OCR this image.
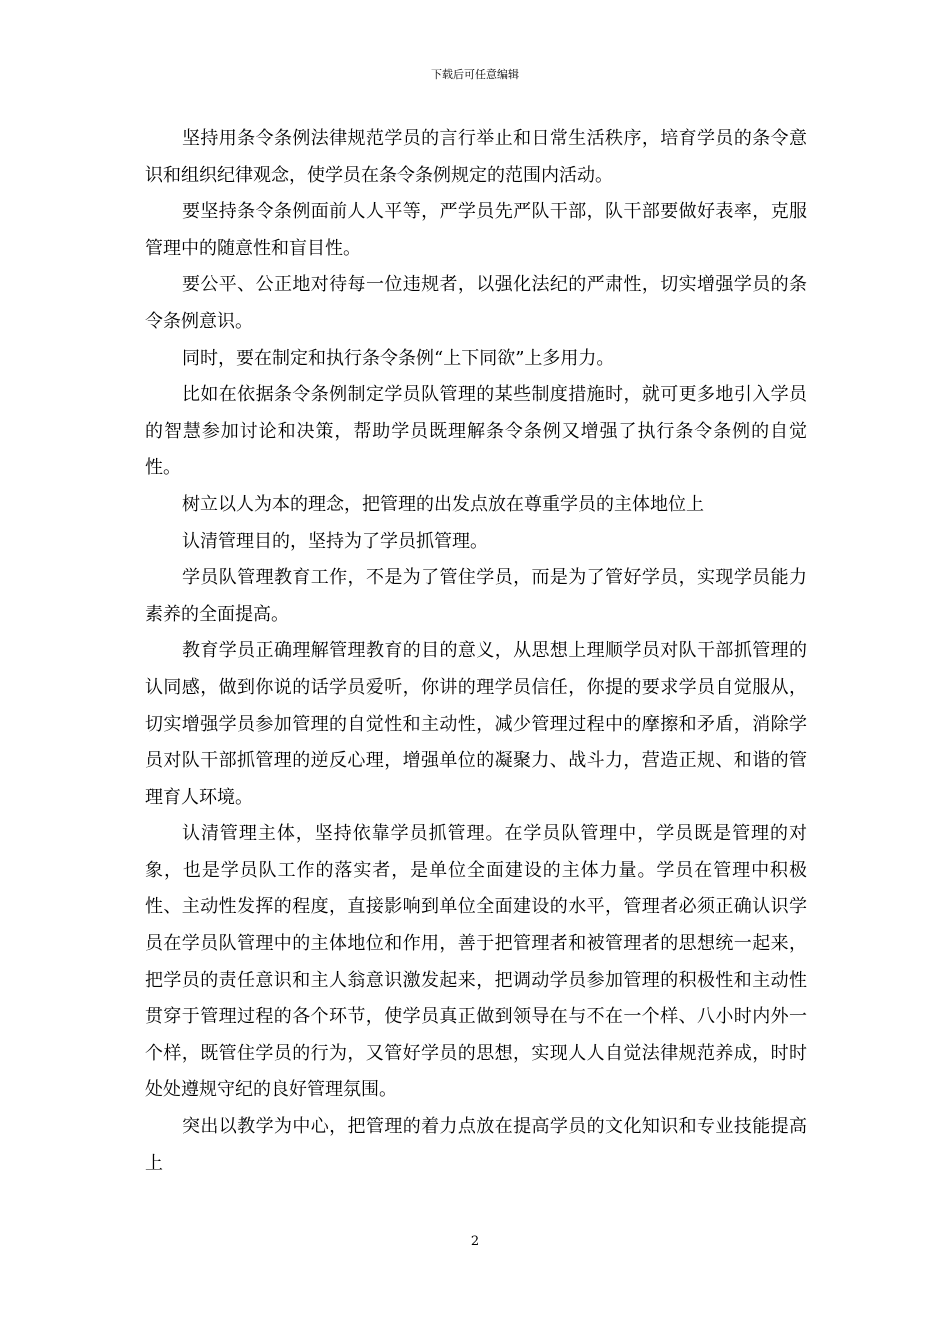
下载后可任意编辑

坚持用条令条例法律规范学员的言行举止和日常生活秩序，培育学员的条令意识和组织纪律观念，使学员在条令条例规定的范围内活动。

要坚持条令条例面前人人平等，严学员先严队干部，队干部要做好表率，克服管理中的随意性和盲目性。

要公平、公正地对待每一位违规者，以强化法纪的严肃性，切实增强学员的条令条例意识。

同时，要在制定和执行条令条例“上下同欲”上多用力。

比如在依据条令条例制定学员队管理的某些制度措施时，就可更多地引入学员的智慧参加讨论和决策，帮助学员既理解条令条例又增强了执行条令条例的自觉性。

树立以人为本的理念，把管理的出发点放在尊重学员的主体地位上

认清管理目的，坚持为了学员抓管理。

学员队管理教育工作，不是为了管住学员，而是为了管好学员，实现学员能力素养的全面提高。

教育学员正确理解管理教育的目的意义，从思想上理顺学员对队干部抓管理的认同感，做到你说的话学员爱听，你讲的理学员信任，你提的要求学员自觉服从，切实增强学员参加管理的自觉性和主动性，减少管理过程中的摩擦和矛盾，消除学员对队干部抓管理的逆反心理，增强单位的凝聚力、战斗力，营造正规、和谐的管理育人环境。

认清管理主体，坚持依靠学员抓管理。在学员队管理中，学员既是管理的对象，也是学员队工作的落实者，是单位全面建设的主体力量。学员在管理中积极性、主动性发挥的程度，直接影响到单位全面建设的水平，管理者必须正确认识学员在学员队管理中的主体地位和作用，善于把管理者和被管理者的思想统一起来，把学员的责任意识和主人翁意识激发起来，把调动学员参加管理的积极性和主动性贯穿于管理过程的各个环节，使学员真正做到领导在与不在一个样、八小时内外一个样，既管住学员的行为，又管好学员的思想，实现人人自觉法律规范养成，时时处处遵规守纪的良好管理氛围。

突出以教学为中心，把管理的着力点放在提高学员的文化知识和专业技能提高上

2
